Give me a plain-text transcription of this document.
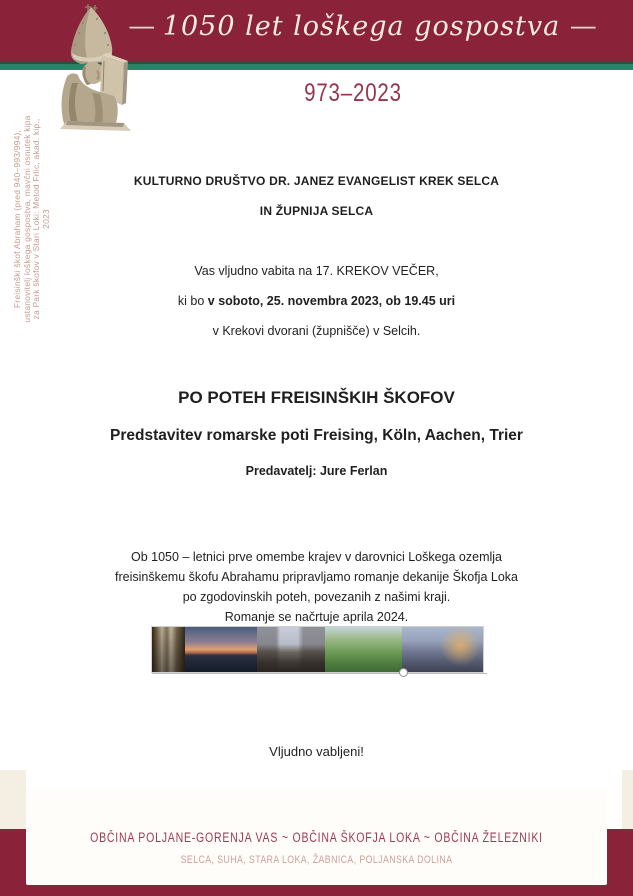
— 1050 let loškega gospostva —
973–2023
Freisinški škof Abraham (pred 940–993/994), ustanovitelj loškega gospostva, mavčni osnutek kipa za Park škofov v Stari Loki: Metod Frlic, akad. kip., 2023
KULTURNO DRUŠTVO DR. JANEZ EVANGELIST KREK SELCA
IN ŽUPNIJA SELCA
Vas vljudno vabita na 17. KREKOV VEČER,
ki bo v soboto, 25. novembra 2023, ob 19.45 uri
v Krekovi dvorani (župnišče) v Selcih.
PO POTEH FREISINŠKIH ŠKOFOV
Predstavitev romarske poti Freising, Köln, Aachen, Trier
Predavatelj: Jure Ferlan
Ob 1050 – letnici prve omembe krajev v darovnici Loškega ozemlja
freisinškemu škofu Abrahamu pripravljamo romanje dekanije Škofja Loka
po zgodovinskih poteh, povezanih z našimi kraji.
Romanje se načrtuje aprila 2024.
Vljudno vabljeni!
OBČINA POLJANE-GORENJA VAS ~ OBČINA ŠKOFJA LOKA ~ OBČINA ŽELEZNIKI
SELCA, SUHA, STARA LOKA, ŽABNICA, POLJANSKA DOLINA
